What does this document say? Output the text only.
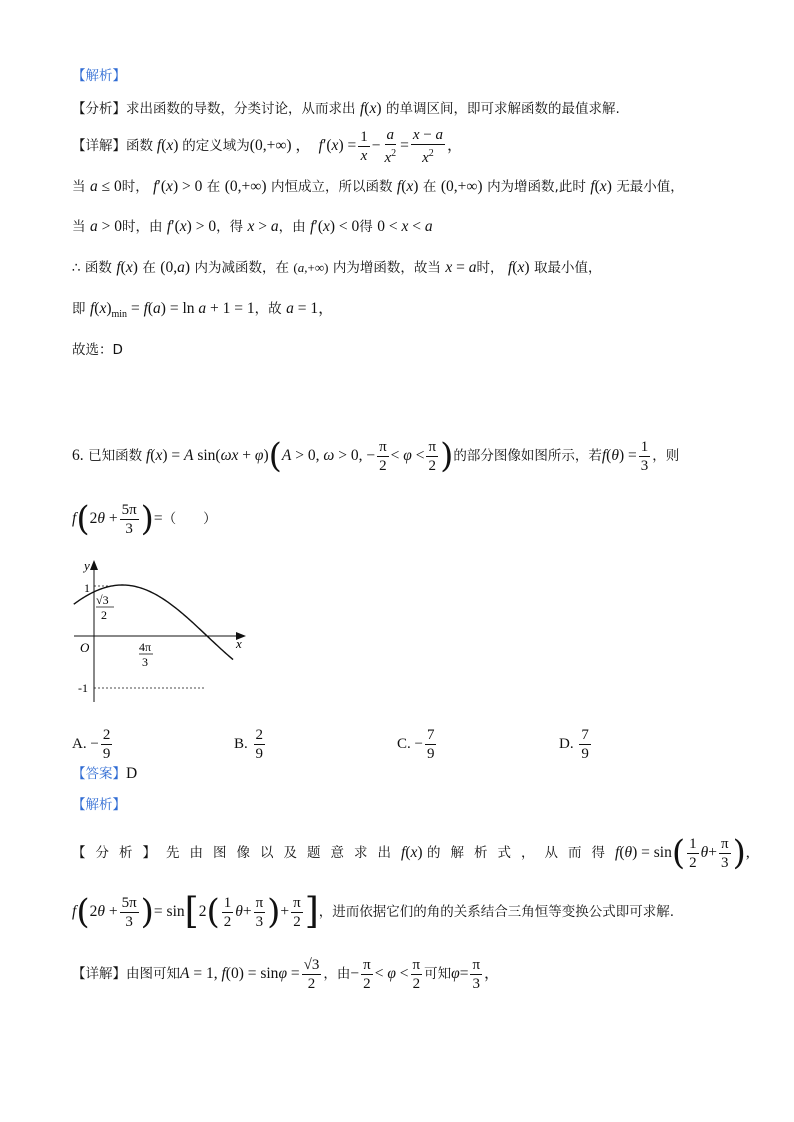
【解析】
【分析】求出函数的导数，分类讨论，从而求出 f(x) 的单调区间，即可求解函数的最值求解.
【详解】 函数 f(x) 的定义域为 (0,+∞) ，  $f'(x) = \frac{1}{x} - \frac{a}{x^2} = \frac{x - a}{x^2}$ ，
当 a ≤ 0时， f′(x) > 0 在 (0,+∞) 内恒成立，所以函数 f(x) 在 (0,+∞) 内为增函数,此时 f(x) 无最小值，
当 a > 0时，由 f′(x) > 0，得 x > a，由 f′(x) < 0得 0 < x < a
∴ 函数 f(x) 在 (0,a) 内为减函数，在 (a,+∞) 内为增函数，故当 x = a时， f(x) 取最小值，
即 $f(x)_{min} = f(a) = \ln a + 1 = 1$，故 a = 1，
故选：D
6.
已知函数 f(x) = A sin(ωx + φ) ( A > 0, ω > 0, − $\frac{\pi}{2} < \varphi < \frac{\pi}{2}$ ) 的部分图像如图所示，若 $f(\theta) = \frac{1}{3}$ ，则
f ( $2\theta + \frac{5\pi}{3}$ ) = （　　）
y
x
O
1
-1
√3
2
4π
3
A.
− $\frac{2}{9}$	B.
$\frac{2}{9}$	C.
− $\frac{7}{9}$	D.
$\frac{7}{9}$
【答案】D
【解析】
【分析】 先由图像以及题意求出 f(x)
的解析式，从而得 f(θ) = sin ( $\frac{1}{2}$ $\theta + \frac{\pi}{3}$ ) ,
f ( $2\theta + \frac{5\pi}{3}$ ) = sin [ 2 ( $\frac{1}{2}$ $\theta + \frac{\pi}{3}$ ) + $\frac{\pi}{2}$ ] ，进而依据它们的角的关系结合三角恒等变换公式即可求解.
【详解】 由图可知 A = 1, $f(0) = \sin\varphi = \frac{√3}{2}$ ，由 − $\frac{\pi}{2} < \varphi < \frac{\pi}{2}$ 可知 $\varphi = \frac{\pi}{3}$ ，
